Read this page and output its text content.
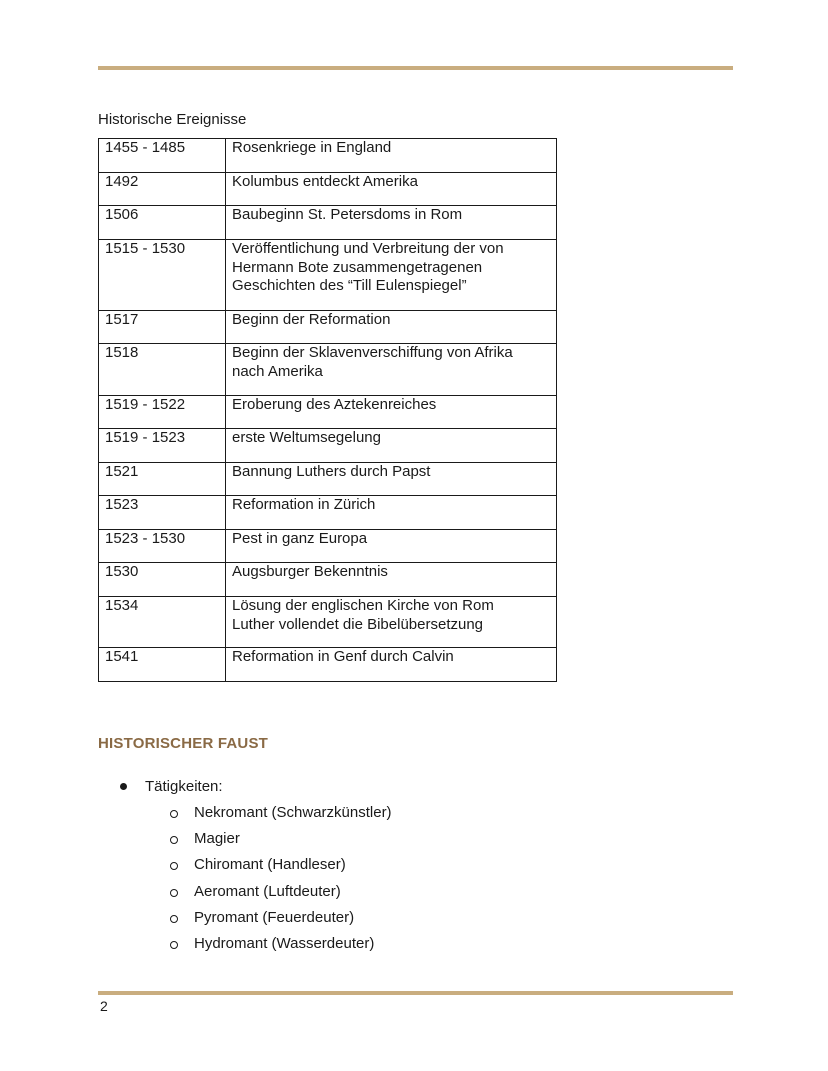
Historische Ereignisse
1455 - 1485	Rosenkriege in England
1492	Kolumbus entdeckt Amerika
1506	Baubeginn St. Petersdoms in Rom
1515 - 1530	Veröffentlichung und Verbreitung der von
Hermann Bote zusammengetragenen
Geschichten des “Till Eulenspiegel”
1517	Beginn der Reformation
1518	Beginn der Sklavenverschiffung von Afrika
nach Amerika
1519 - 1522	Eroberung des Aztekenreiches
1519 - 1523	erste Weltumsegelung
1521	Bannung Luthers durch Papst
1523	Reformation in Zürich
1523 - 1530	Pest in ganz Europa
1530	Augsburger Bekenntnis
1534	Lösung der englischen Kirche von Rom
Luther vollendet die Bibelübersetzung
1541	Reformation in Genf durch Calvin
HISTORISCHER FAUST
Tätigkeiten:
Nekromant (Schwarzkünstler)
Magier
Chiromant (Handleser)
Aeromant (Luftdeuter)
Pyromant (Feuerdeuter)
Hydromant (Wasserdeuter)
2
